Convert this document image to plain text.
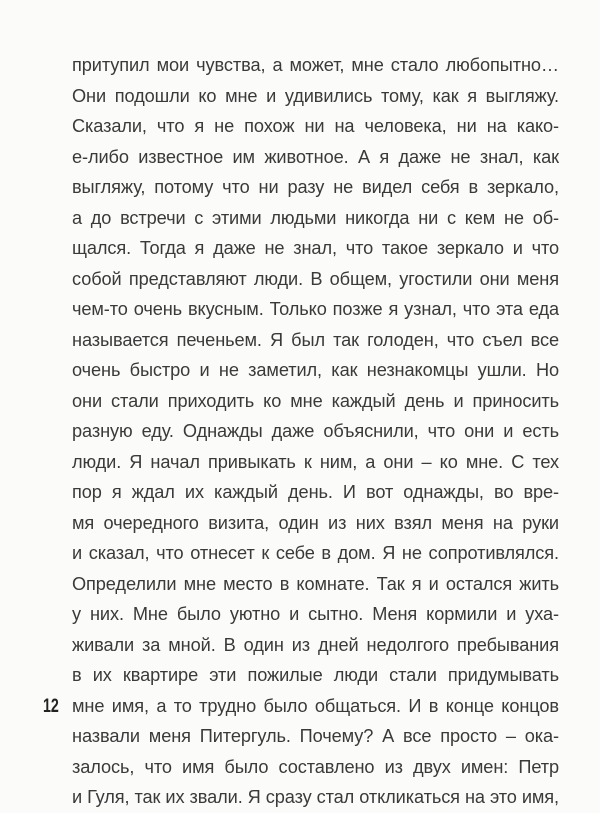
притупил мои чувства, а может, мне стало любопытно…
Они подошли ко мне и удивились тому, как я выгляжу.
Сказали, что я не похож ни на человека, ни на како-
е-либо известное им животное. А я даже не знал, как
выгляжу, потому что ни разу не видел себя в зеркало,
а до встречи с этими людьми никогда ни с кем не об-
щался. Тогда я даже не знал, что такое зеркало и что
собой представляют люди. В общем, угостили они меня
чем-то очень вкусным. Только позже я узнал, что эта еда
называется печеньем. Я был так голоден, что съел все
очень быстро и не заметил, как незнакомцы ушли. Но
они стали приходить ко мне каждый день и приносить
разную еду. Однажды даже объяснили, что они и есть
люди. Я начал привыкать к ним, а они – ко мне. С тех
пор я ждал их каждый день. И вот однажды, во вре-
мя очередного визита, один из них взял меня на руки
и сказал, что отнесет к себе в дом. Я не сопротивлялся.
Определили мне место в комнате. Так я и остался жить
у них. Мне было уютно и сытно. Меня кормили и уха-
живали за мной. В один из дней недолгого пребывания
в их квартире эти пожилые люди стали придумывать
мне имя, а то трудно было общаться. И в конце концов
назвали меня Питергуль. Почему? А все просто – ока-
залось, что имя было составлено из двух имен: Петр
и Гуля, так их звали. Я сразу стал откликаться на это имя,
12
